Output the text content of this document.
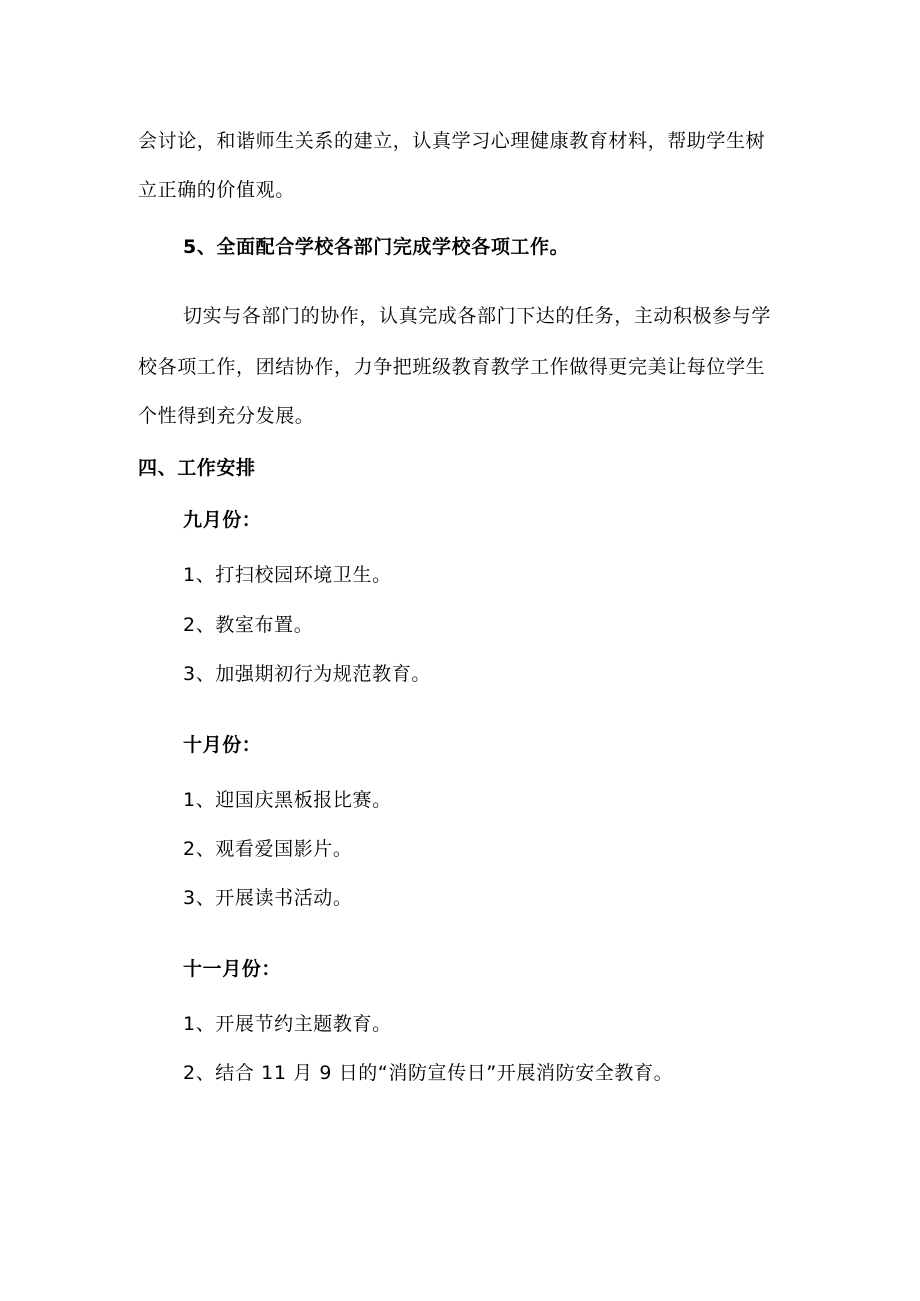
会讨论，和谐师生关系的建立，认真学习心理健康教育材料，帮助学生树
立正确的价值观。
5、全面配合学校各部门完成学校各项工作。
切实与各部门的协作，认真完成各部门下达的任务，主动积极参与学
校各项工作，团结协作，力争把班级教育教学工作做得更完美让每位学生
个性得到充分发展。
四、工作安排
九月份：
1、打扫校园环境卫生。
2、教室布置。
3、加强期初行为规范教育。
十月份：
1、迎国庆黑板报比赛。
2、观看爱国影片。
3、开展读书活动。
十一月份：
1、开展节约主题教育。
2、结合 11 月 9 日的“消防宣传日”开展消防安全教育。
